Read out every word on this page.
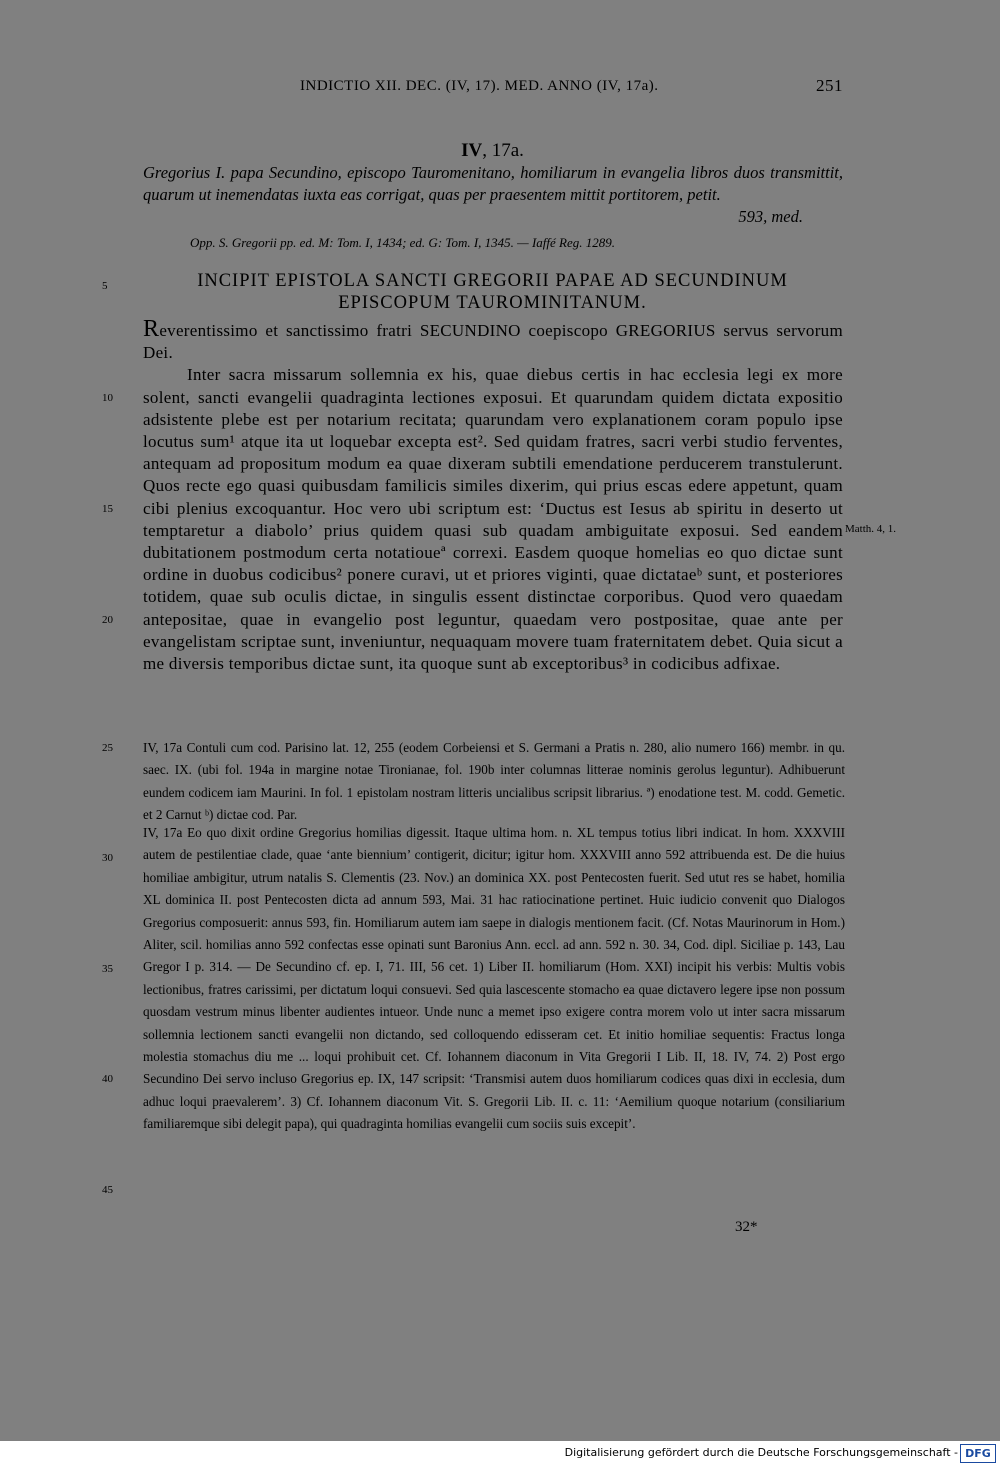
INDICTIO XII. DEC. (IV, 17). MED. ANNO (IV, 17a).	251
IV, 17a.
Gregorius I. papa Secundino, episcopo Tauromenitano, homiliarum in evangelia libros duos transmittit, quarum ut inemendatas iuxta eas corrigat, quas per praesentem mittit portitorem, petit.
593, med.
Opp. S. Gregorii pp. ed. M: Tom. I, 1434; ed. G: Tom. I, 1345. — Iaffé Reg. 1289.
INCIPIT EPISTOLA SANCTI GREGORII PAPAE AD SECUNDINUM
EPISCOPUM TAUROMINITANUM.

Reverentissimo et sanctissimo fratri SECUNDINO coepiscopo GREGORIUS servus servorum Dei.

Inter sacra missarum sollemnia ex his, quae diebus certis in hac ecclesia legi ex more solent, sancti evangelii quadraginta lectiones exposui. Et quarundam quidem dictata expositio adsistente plebe est per notarium recitata; quarundam vero explanationem coram populo ipse locutus sum¹ atque ita ut loquebar excepta est². Sed quidam fratres, sacri verbi studio ferventes, antequam ad propositum modum ea quae dixeram subtili emendatione perducerem transtulerunt. Quos recte ego quasi quibusdam familicis similes dixerim, qui prius escas edere appetunt, quam cibi plenius excoquantur. Hoc vero ubi scriptum est: ‘Ductus est Iesus ab spiritu in deserto ut temptaretur a diabolo’ prius quidem quasi sub quadam ambiguitate exposui. Sed eandem dubitationem postmodum certa notatioueª correxi. Easdem quoque homelias eo quo dictae sunt ordine in duobus codicibus² ponere curavi, ut et priores viginti, quae dictataeᵇ sunt, et posteriores totidem, quae sub oculis dictae, in singulis essent distinctae corporibus. Quod vero quaedam antepositae, quae in evangelio post leguntur, quaedam vero postpositae, quae ante per evangelistam scriptae sunt, inveniuntur, nequaquam movere tuam fraternitatem debet. Quia sicut a me diversis temporibus dictae sunt, ita quoque sunt ab exceptoribus³ in codicibus adfixae.

5
10
15
20
25
30
35
40
45
Matth. 4, 1.
IV, 17a Contuli cum cod. Parisino lat. 12, 255 (eodem Corbeiensi et S. Germani a Pratis n. 280, alio numero 166) membr. in qu. saec. IX. (ubi fol. 194a in margine notae Tironianae, fol. 190b inter columnas litterae nominis gerolus leguntur). Adhibuerunt eundem codicem iam Maurini. In fol. 1 epistolam nostram litteris uncialibus scripsit librarius. ª) enodatione test. M. codd. Gemetic. et 2 Carnut ᵇ) dictae cod. Par.
IV, 17a Eo quo dixit ordine Gregorius homilias digessit. Itaque ultima hom. n. XL tempus totius libri indicat. In hom. XXXVIII autem de pestilentiae clade, quae ‘ante biennium’ contigerit, dicitur; igitur hom. XXXVIII anno 592 attribuenda est. De die huius homiliae ambigitur, utrum natalis S. Clementis (23. Nov.) an dominica XX. post Pentecosten fuerit. Sed utut res se habet, homilia XL dominica II. post Pentecosten dicta ad annum 593, Mai. 31 hac ratiocinatione pertinet. Huic iudicio convenit quo Dialogos Gregorius composuerit: annus 593, fin. Homiliarum autem iam saepe in dialogis mentionem facit. (Cf. Notas Maurinorum in Hom.) Aliter, scil. homilias anno 592 confectas esse opinati sunt Baronius Ann. eccl. ad ann. 592 n. 30. 34, Cod. dipl. Siciliae p. 143, Lau Gregor I p. 314. — De Secundino cf. ep. I, 71. III, 56 cet. 1) Liber II. homiliarum (Hom. XXI) incipit his verbis: Multis vobis lectionibus, fratres carissimi, per dictatum loqui consuevi. Sed quia lascescente stomacho ea quae dictavero legere ipse non possum quosdam vestrum minus libenter audientes intueor. Unde nunc a memet ipso exigere contra morem volo ut inter sacra missarum sollemnia lectionem sancti evangelii non dictando, sed colloquendo edisseram cet. Et initio homiliae sequentis: Fractus longa molestia stomachus diu me ... loqui prohibuit cet. Cf. Iohannem diaconum in Vita Gregorii I Lib. II, 18. IV, 74. 2) Post ergo Secundino Dei servo incluso Gregorius ep. IX, 147 scripsit: ‘Transmisi autem duos homiliarum codices quas dixi in ecclesia, dum adhuc loqui praevalerem’. 3) Cf. Iohannem diaconum Vit. S. Gregorii Lib. II. c. 11: ‘Aemilium quoque notarium (consiliarium familiaremque sibi delegit papa), qui quadraginta homilias evangelii cum sociis suis excepit’.
32*
Digitalisierung gefördert durch die Deutsche Forschungsgemeinschaft - DFG
